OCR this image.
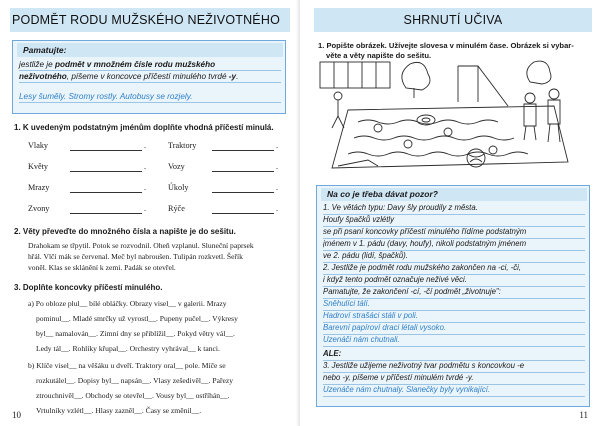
PODMĚT RODU MUŽSKÉHO NEŽIVOTNÉHO
Pamatujte:
jestliže je podmět v množném čísle rodu mužského
neživotného, píšeme v koncovce příčestí minulého tvrdé -y.
Lesy šuměly. Stromy rostly. Autobusy se rozjely.
1. K uvedeným podstatným jménům doplňte vhodná příčestí minulá.
Vlaky	.	Traktory	.
Květy	.	Vozy	.
Mrazy	.	Úkoly	.
Zvony	.	Rýče	.
2. Věty převeďte do množného čísla a napište je do sešitu.
Drahokam se třpytil. Potok se rozvodnil. Oheň vzplanul. Sluneční paprsek
hřál. Vlčí mák se červenal. Meč byl nabroušen. Tulipán rozkvetl. Šeřík
voněl. Klas se sklánění k zemi. Padák se otevřel.
3. Doplňte koncovky příčestí minulého.
a) Po obloze plul__ bílé obláčky. Obrazy visel__ v galerii. Mrazy
pominul__. Mladé smrčky už vyrostl__. Pupeny pučel__. Výkresy
byl__ namalován__. Zimní dny se přiblížil__. Pokyd větry vál__.
Ledy tál__. Rohlíky křupal__. Orchestry vyhrával__ k tanci.
b) Klíče visel__ na věšáku u dveří. Traktory oral__ pole. Míče se
rozkutálel__. Dopisy byl__ napsán__. Vlasy zešedivěl__. Pařezy
ztrouchnivěl__. Obchody se otevřel__. Vousy byl__ ostříhán__.
Vrtulníky vzlétl__. Hlasy zazněl__. Časy se změnil__.
10
SHRNUTÍ UČIVA
1. Popište obrázek. Užívejte slovesa v minulém čase. Obrázek si vybar-
věte a věty napište do sešitu.
Na co je třeba dávat pozor?
1. Ve větách typu: Davy šly proudily z města.
Houfy špačků vzlétly
se při psaní koncovky příčestí minulého řídíme podstatným
jménem v 1. pádu (davy, houfy), nikoli podstatným jménem
ve 2. pádu (lidí, špačků).
2. Jestliže je podmět rodu mužského zakončen na -ci, -či,
i když tento podmět označuje neživé věci.
Pamatujte, že zakončení -cí, -čí podmět „životnuje":
Sněhulíci tálí.
Hadroví strašáci stáli v poli.
Barevní papíroví draci létali vysoko.
Uzenáči nám chutnali.
ALE:
3. Jestliže užijeme neživotný tvar podmětu s koncovkou -e
nebo -y, píšeme v příčestí minulém tvrdé -y.
Uzenáče nám chutnaly. Slanečky byly vynikající.
11
